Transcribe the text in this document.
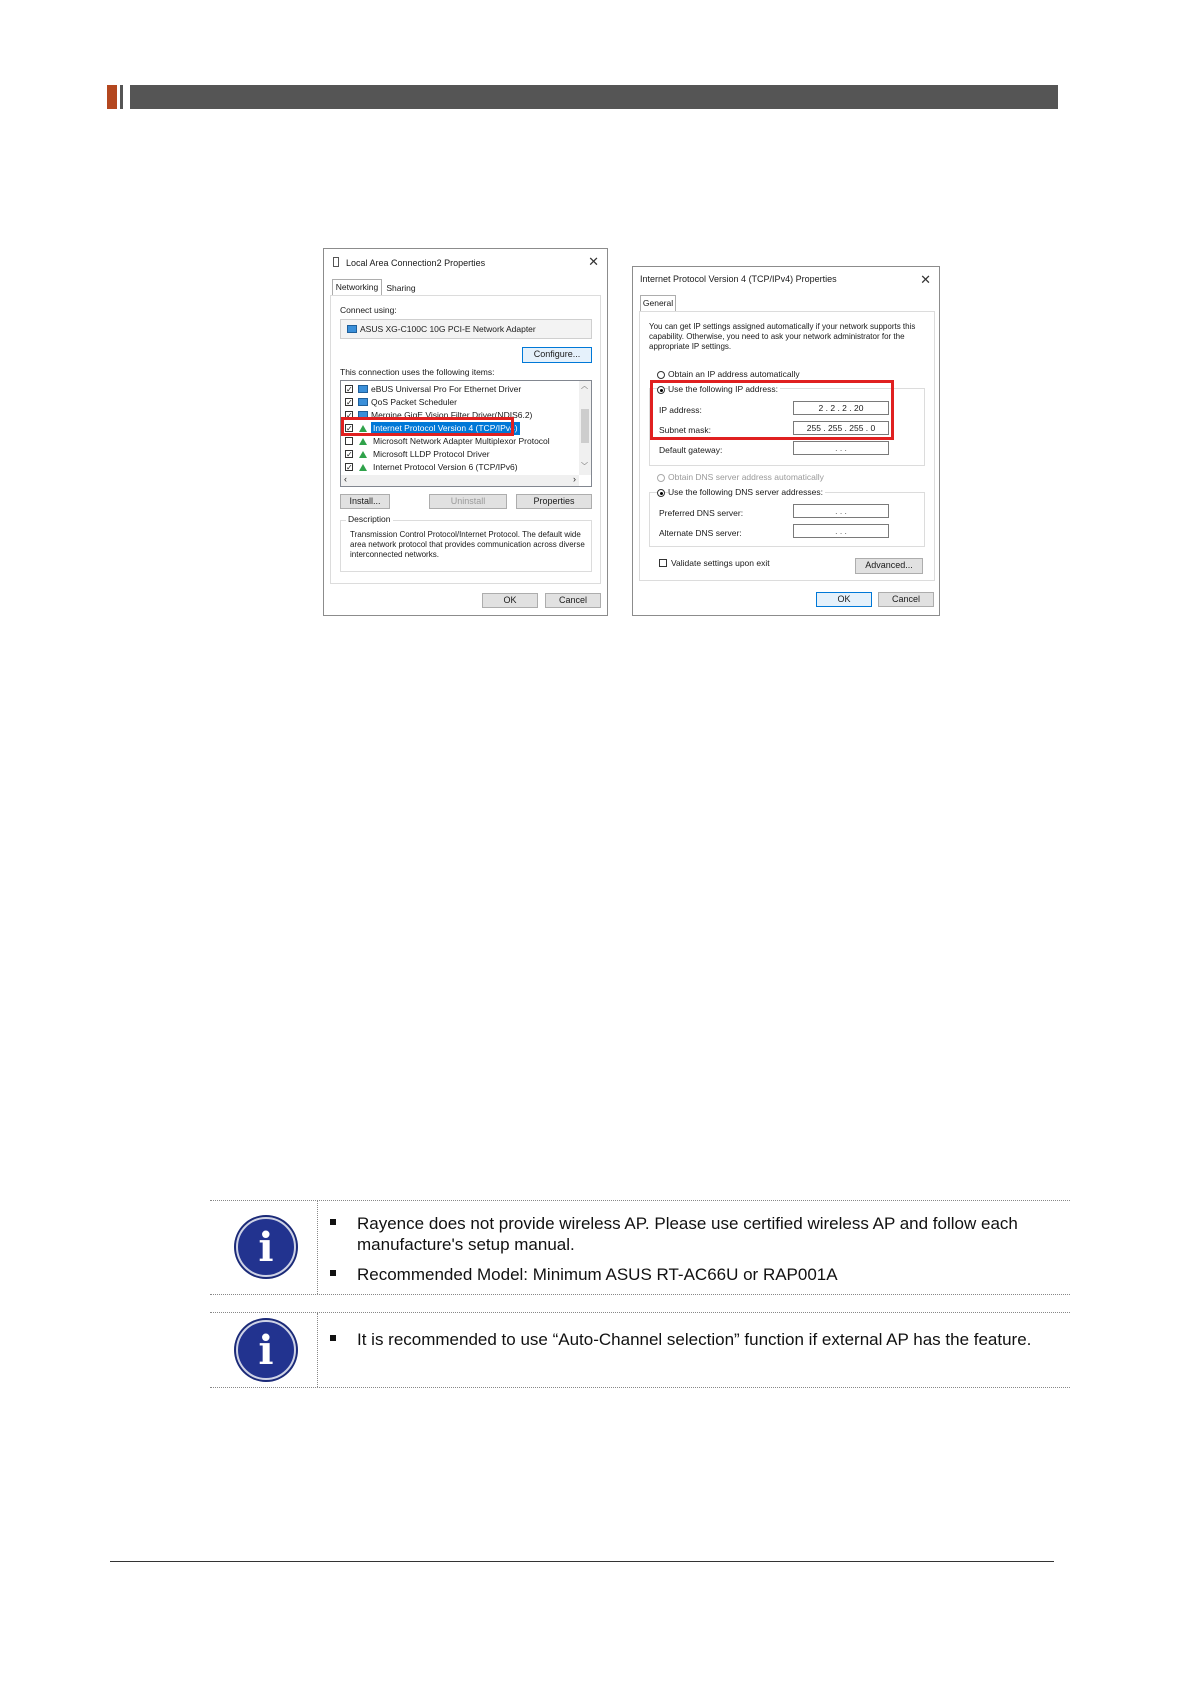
Local Area Connection2 Properties	✕
Networking Sharing
Connect using:
ASUS XG-C100C 10G PCI-E Network Adapter
Configure...
This connection uses the following items:
✓	eBUS Universal Pro For Ethernet Driver
✓	QoS Packet Scheduler
✓	Mergine GigE Vision Filter Driver(NDIS6.2)
✓ Internet Protocol Version 4 (TCP/IPv4)
Microsoft Network Adapter Multiplexor Protocol
✓ Microsoft LLDP Protocol Driver
✓ Internet Protocol Version 6 (TCP/IPv6)
︿
﹀
‹	›
Install...	Uninstall	Properties
Description
Transmission Control Protocol/Internet Protocol. The default wide area network protocol that provides communication across diverse interconnected networks.
OK	Cancel
Internet Protocol Version 4 (TCP/IPv4) Properties	✕
General
You can get IP settings assigned automatically if your network supports this capability. Otherwise, you need to ask your network administrator for the appropriate IP settings.
Obtain an IP address automatically
Use the following IP address:
IP address:	2 . 2 . 2 . 20
Subnet mask:	255 . 255 . 255 . 0
Default gateway:	. . .
Obtain DNS server address automatically
Use the following DNS server addresses:
Preferred DNS server:	. . .
Alternate DNS server:	. . .
Validate settings upon exit	Advanced...
OK	Cancel
i
Rayence does not provide wireless AP. Please use certified wireless AP and follow each manufacture's setup manual.
Recommended Model: Minimum ASUS RT-AC66U or RAP001A
i	It is recommended to use “Auto-Channel selection” function if external AP has the feature.
